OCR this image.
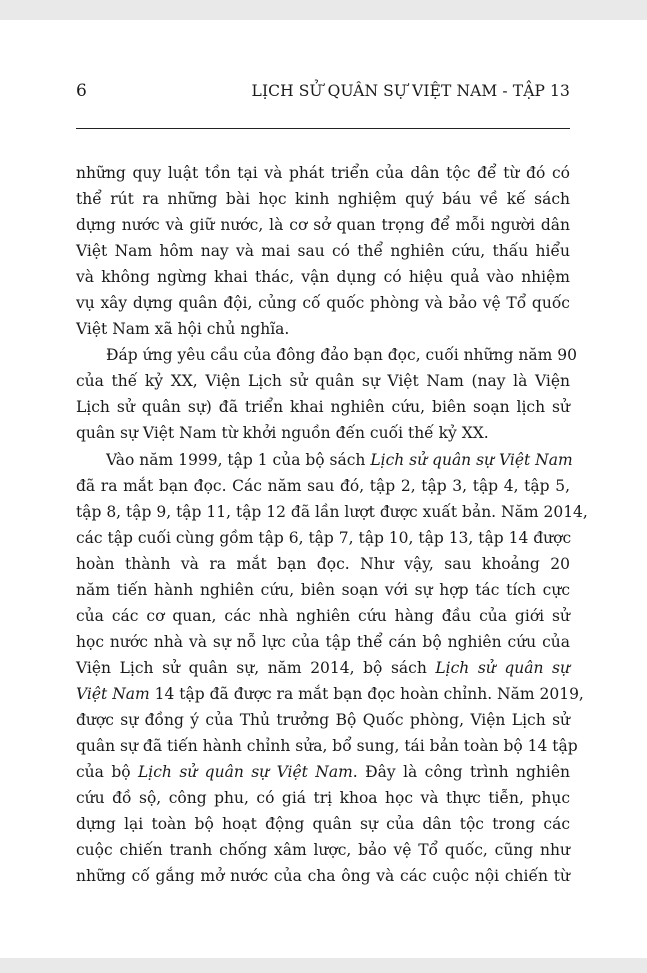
6	LỊCH SỬ QUÂN SỰ VIỆT NAM - TẬP 13
những quy luật tồn tại và phát triển của dân tộc để từ đó có
thể rút ra những bài học kinh nghiệm quý báu về kế sách
dựng nước và giữ nước, là cơ sở quan trọng để mỗi người dân
Việt Nam hôm nay và mai sau có thể nghiên cứu, thấu hiểu
và không ngừng khai thác, vận dụng có hiệu quả vào nhiệm
vụ xây dựng quân đội, củng cố quốc phòng và bảo vệ Tổ quốc
Việt Nam xã hội chủ nghĩa.
Đáp ứng yêu cầu của đông đảo bạn đọc, cuối những năm 90
của thế kỷ XX, Viện Lịch sử quân sự Việt Nam (nay là Viện
Lịch sử quân sự) đã triển khai nghiên cứu, biên soạn lịch sử
quân sự Việt Nam từ khởi nguồn đến cuối thế kỷ XX.
Vào năm 1999, tập 1 của bộ sách Lịch sử quân sự Việt Nam
đã ra mắt bạn đọc. Các năm sau đó, tập 2, tập 3, tập 4, tập 5,
tập 8, tập 9, tập 11, tập 12 đã lần lượt được xuất bản. Năm 2014,
các tập cuối cùng gồm tập 6, tập 7, tập 10, tập 13, tập 14 được
hoàn thành và ra mắt bạn đọc. Như vậy, sau khoảng 20
năm tiến hành nghiên cứu, biên soạn với sự hợp tác tích cực
của các cơ quan, các nhà nghiên cứu hàng đầu của giới sử
học nước nhà và sự nỗ lực của tập thể cán bộ nghiên cứu của
Viện Lịch sử quân sự, năm 2014, bộ sách Lịch sử quân sự
Việt Nam 14 tập đã được ra mắt bạn đọc hoàn chỉnh. Năm 2019,
được sự đồng ý của Thủ trưởng Bộ Quốc phòng, Viện Lịch sử
quân sự đã tiến hành chỉnh sửa, bổ sung, tái bản toàn bộ 14 tập
của bộ Lịch sử quân sự Việt Nam. Đây là công trình nghiên
cứu đồ sộ, công phu, có giá trị khoa học và thực tiễn, phục
dựng lại toàn bộ hoạt động quân sự của dân tộc trong các
cuộc chiến tranh chống xâm lược, bảo vệ Tổ quốc, cũng như
những cố gắng mở nước của cha ông và các cuộc nội chiến từ
